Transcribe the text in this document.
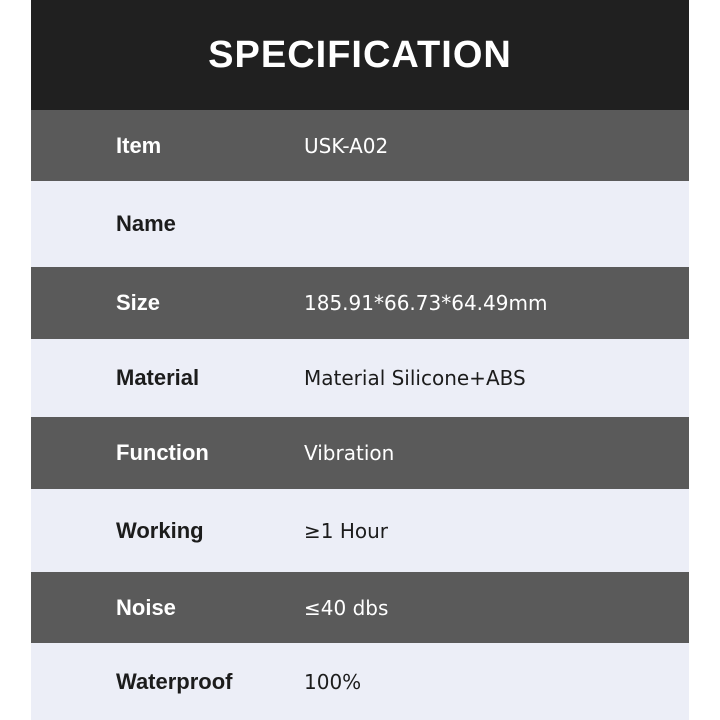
SPECIFICATION
Item	USK-A02
Name
Size	185.91*66.73*64.49mm
Material	Material Silicone+ABS
Function	Vibration
Working	≥1 Hour
Noise	≤40 dbs
Waterproof	100%
